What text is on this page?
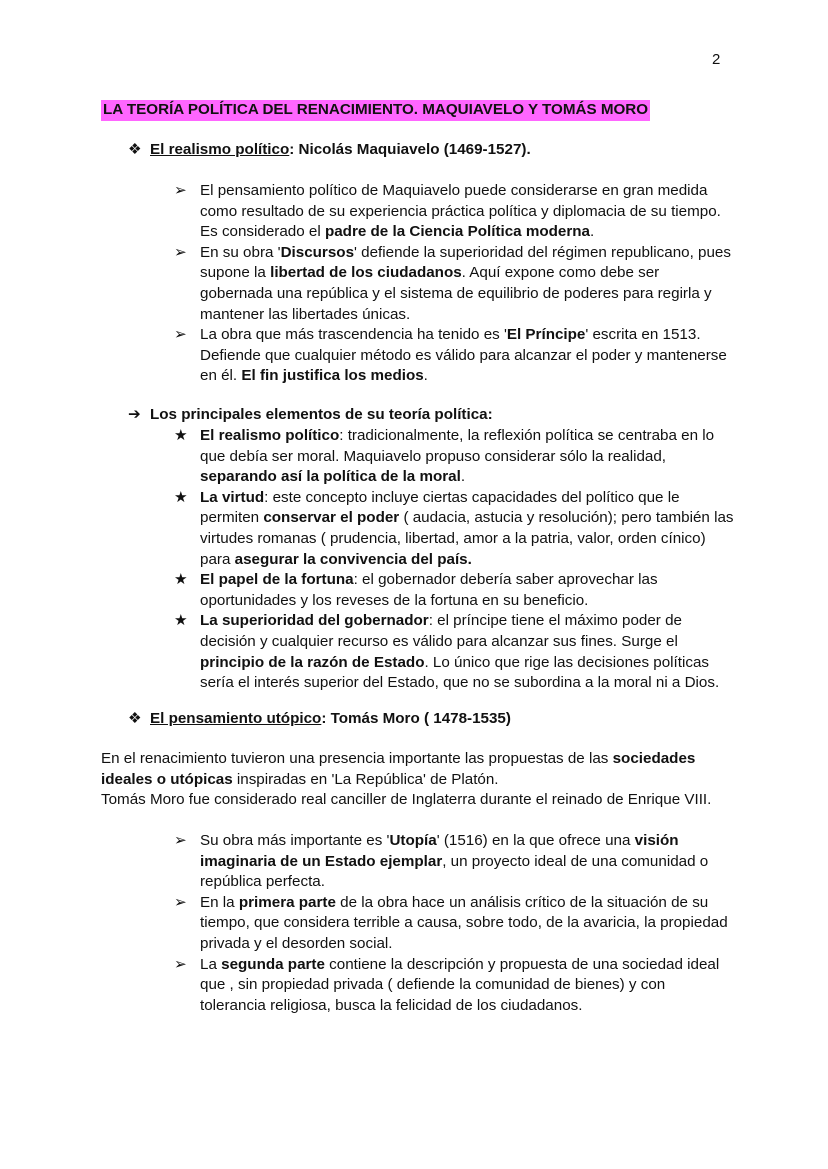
2
LA TEORÍA POLÍTICA DEL RENACIMIENTO. MAQUIAVELO Y TOMÁS MORO
❖ El realismo político: Nicolás Maquiavelo (1469-1527).
➢ El pensamiento político de Maquiavelo puede considerarse en gran medida como resultado de su experiencia práctica política y diplomacia de su tiempo. Es considerado el padre de la Ciencia Política moderna.
➢ En su obra 'Discursos' defiende la superioridad del régimen republicano, pues supone la libertad de los ciudadanos. Aquí expone como debe ser gobernada una república y el sistema de equilibrio de poderes para regirla y mantener las libertades únicas.
➢ La obra que más trascendencia ha tenido es 'El Príncipe' escrita en 1513. Defiende que cualquier método es válido para alcanzar el poder y mantenerse en él. El fin justifica los medios.
➔ Los principales elementos de su teoría política:
★ El realismo político: tradicionalmente, la reflexión política se centraba en lo que debía ser moral. Maquiavelo propuso considerar sólo la realidad, separando así la política de la moral.
★ La virtud: este concepto incluye ciertas capacidades del político que le permiten conservar el poder ( audacia, astucia y resolución); pero también las virtudes romanas ( prudencia, libertad, amor a la patria, valor, orden cínico) para asegurar la convivencia del país.
★ El papel de la fortuna: el gobernador debería saber aprovechar las oportunidades y los reveses de la fortuna en su beneficio.
★ La superioridad del gobernador: el príncipe tiene el máximo poder de decisión y cualquier recurso es válido para alcanzar sus fines. Surge el principio de la razón de Estado. Lo único que rige las decisiones políticas sería el interés superior del Estado, que no se subordina a la moral ni a Dios.
❖ El pensamiento utópico: Tomás Moro ( 1478-1535)

En el renacimiento tuvieron una presencia importante las propuestas de las sociedades ideales o utópicas inspiradas en 'La República' de Platón.

Tomás Moro fue considerado real canciller de Inglaterra durante el reinado de Enrique VIII.

➢ Su obra más importante es 'Utopía' (1516) en la que ofrece una visión imaginaria de un Estado ejemplar, un proyecto ideal de una comunidad o república perfecta.
➢ En la primera parte de la obra hace un análisis crítico de la situación de su tiempo, que considera terrible a causa, sobre todo, de la avaricia, la propiedad privada y el desorden social.
➢ La segunda parte contiene la descripción y propuesta de una sociedad ideal que , sin propiedad privada ( defiende la comunidad de bienes) y con tolerancia religiosa, busca la felicidad de los ciudadanos.
